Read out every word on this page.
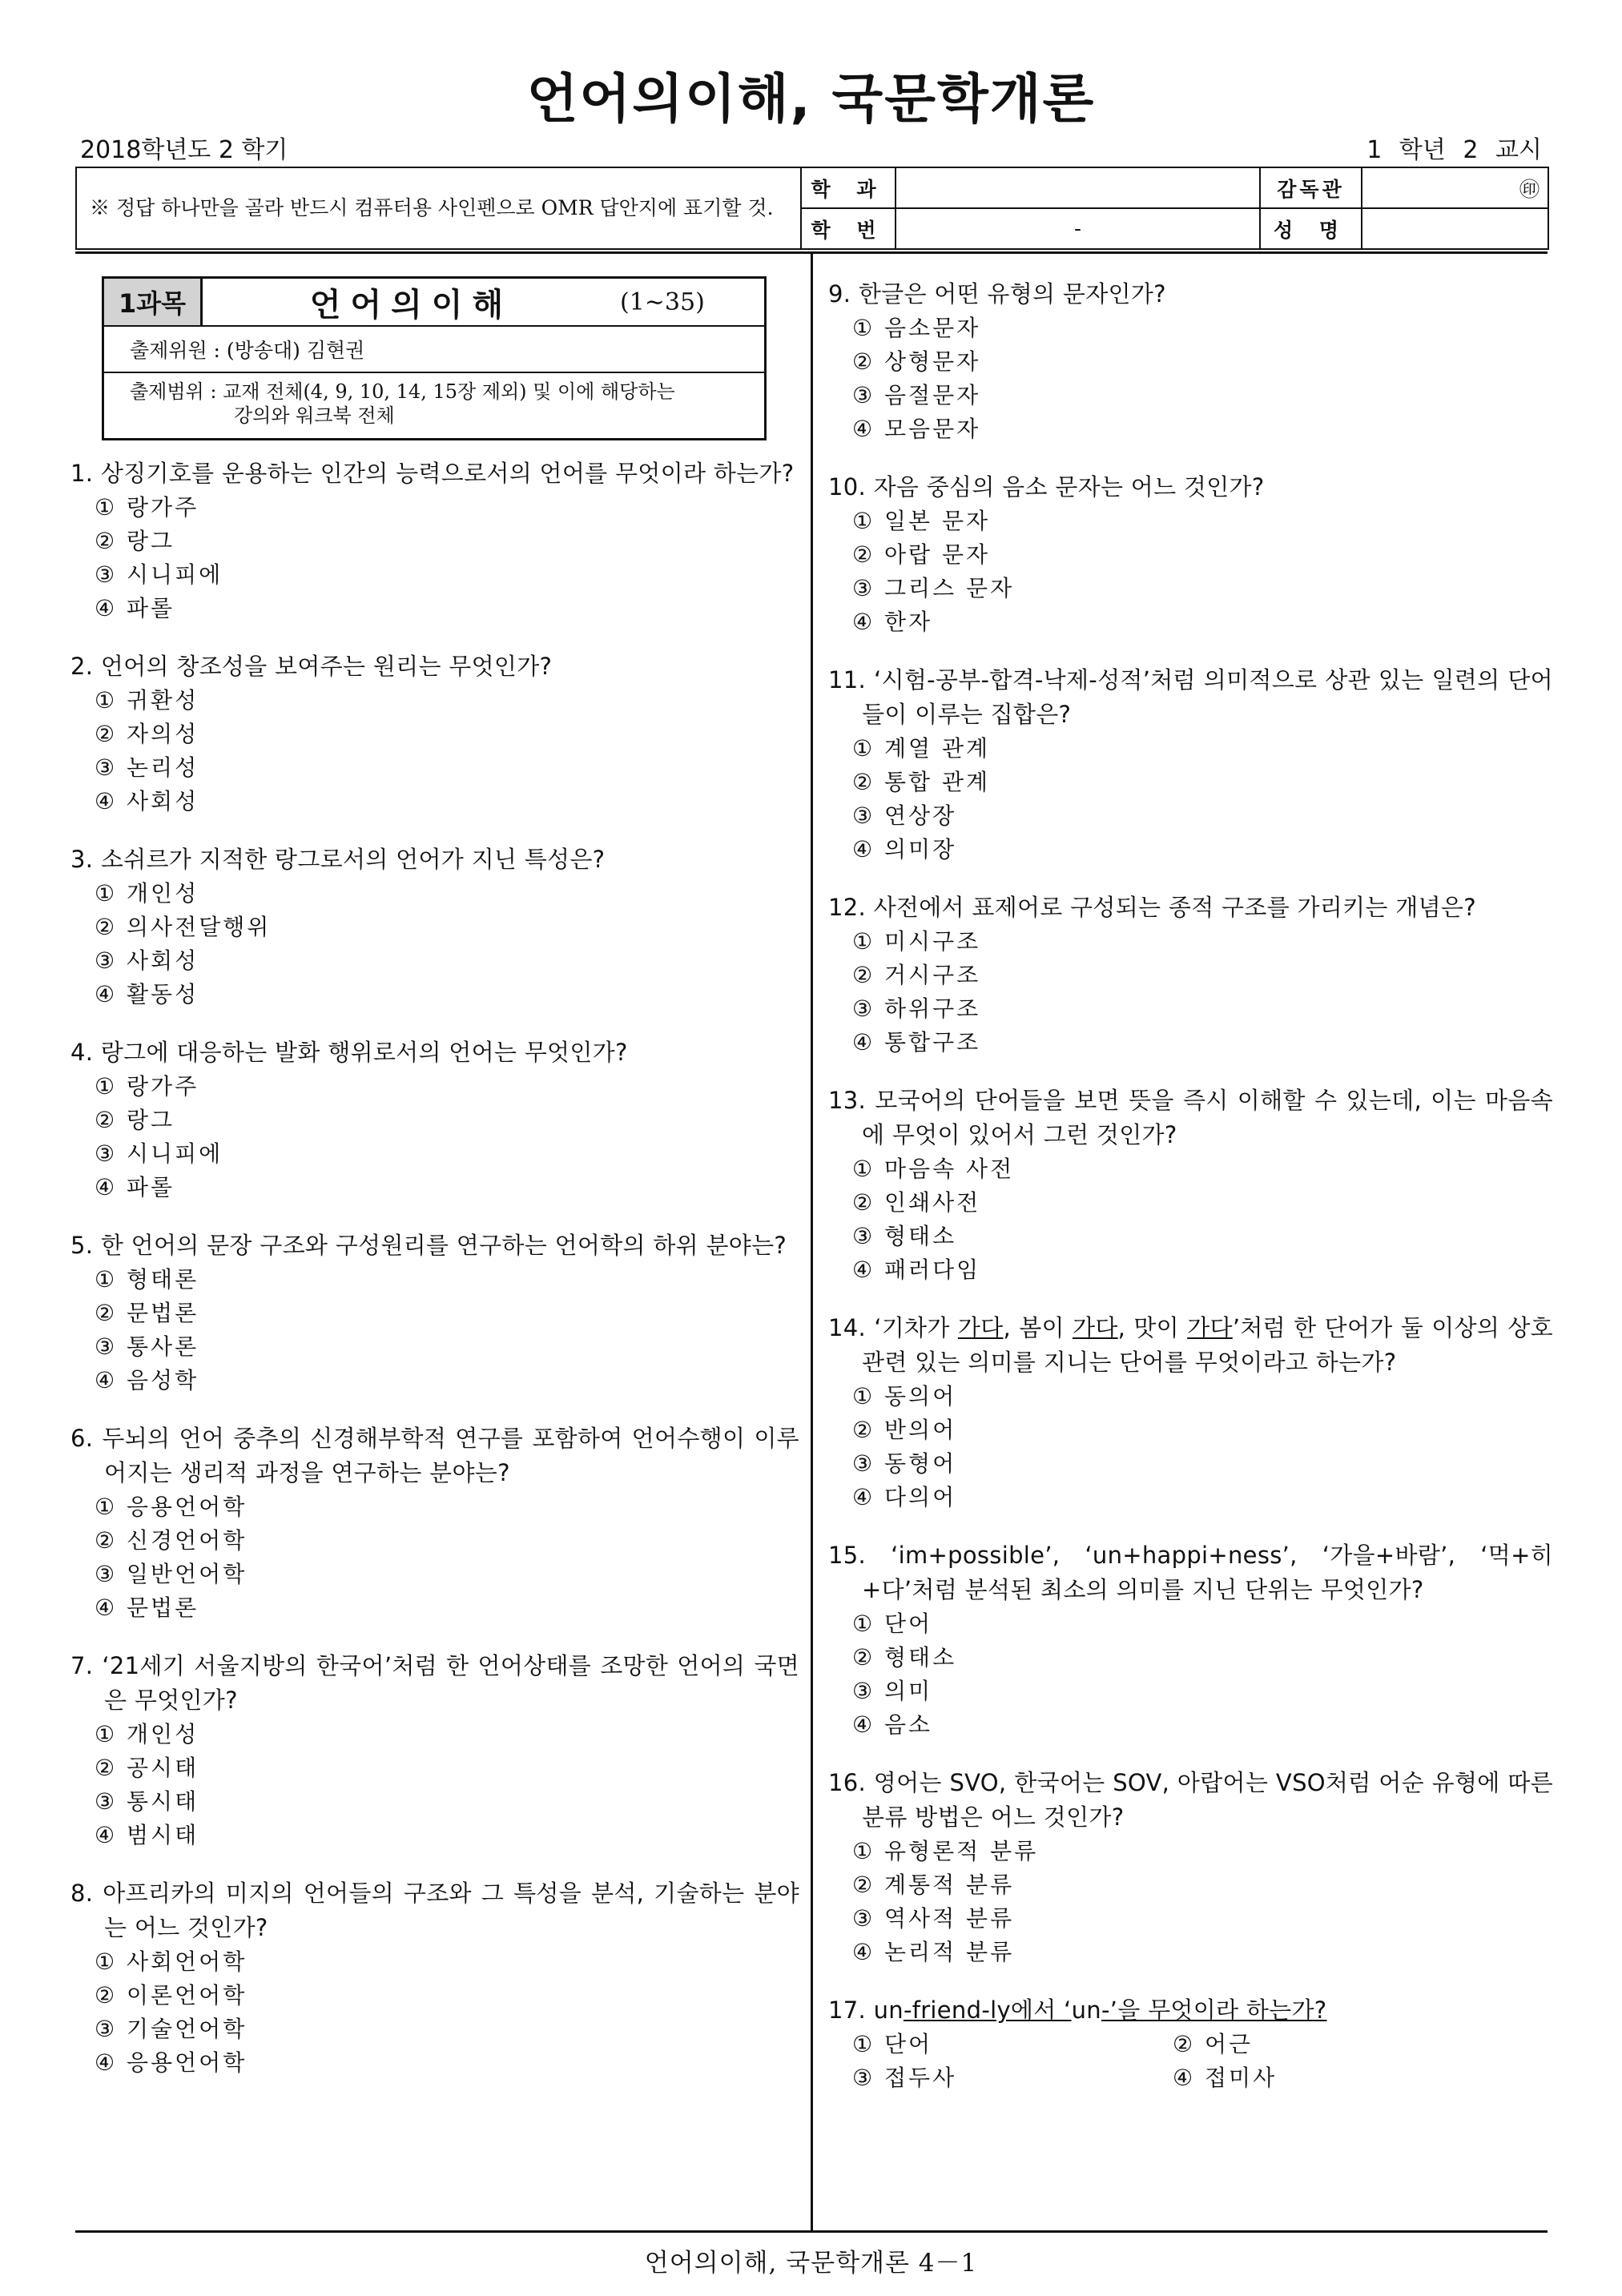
언어의이해, 국문학개론
2018학년도 2 학기	1 학년 2 교시
※ 정답 하나만을 골라 반드시 컴퓨터용 사인펜으로 OMR 답안지에 표기할 것.	학 과		감독관	㊞
	학 번	-	성 명	
1과목	언어의이해	(1∼35)
출제위원 : (방송대) 김현권
출제범위 : 교재 전체(4, 9, 10, 14, 15장 제외) 및 이에 해당하는
강의와 워크북 전체
1. 상징기호를 운용하는 인간의 능력으로서의 언어를 무엇이라 하는가?
① 랑가주
② 랑그
③ 시니피에
④ 파롤
2. 언어의 창조성을 보여주는 원리는 무엇인가?
① 귀환성
② 자의성
③ 논리성
④ 사회성
3. 소쉬르가 지적한 랑그로서의 언어가 지닌 특성은?
① 개인성
② 의사전달행위
③ 사회성
④ 활동성
4. 랑그에 대응하는 발화 행위로서의 언어는 무엇인가?
① 랑가주
② 랑그
③ 시니피에
④ 파롤
5. 한 언어의 문장 구조와 구성원리를 연구하는 언어학의 하위 분야는?
① 형태론
② 문법론
③ 통사론
④ 음성학
6. 두뇌의 언어 중추의 신경해부학적 연구를 포함하여 언어수행이 이루어지는 생리적 과정을 연구하는 분야는?
① 응용언어학
② 신경언어학
③ 일반언어학
④ 문법론
7. ‘21세기 서울지방의 한국어’처럼 한 언어상태를 조망한 언어의 국면은 무엇인가?
① 개인성
② 공시태
③ 통시태
④ 범시태
8. 아프리카의 미지의 언어들의 구조와 그 특성을 분석, 기술하는 분야는 어느 것인가?
① 사회언어학
② 이론언어학
③ 기술언어학
④ 응용언어학
9. 한글은 어떤 유형의 문자인가?
① 음소문자
② 상형문자
③ 음절문자
④ 모음문자
10. 자음 중심의 음소 문자는 어느 것인가?
① 일본 문자
② 아랍 문자
③ 그리스 문자
④ 한자
11. ‘시험-공부-합격-낙제-성적’처럼 의미적으로 상관 있는 일련의 단어들이 이루는 집합은?
① 계열 관계
② 통합 관계
③ 연상장
④ 의미장
12. 사전에서 표제어로 구성되는 종적 구조를 가리키는 개념은?
① 미시구조
② 거시구조
③ 하위구조
④ 통합구조
13. 모국어의 단어들을 보면 뜻을 즉시 이해할 수 있는데, 이는 마음속에 무엇이 있어서 그런 것인가?
① 마음속 사전
② 인쇄사전
③ 형태소
④ 패러다임
14. ‘기차가 가다, 봄이 가다, 맛이 가다’처럼 한 단어가 둘 이상의 상호 관련 있는 의미를 지니는 단어를 무엇이라고 하는가?
① 동의어
② 반의어
③ 동형어
④ 다의어
15. ‘im+possible’, ‘un+happi+ness’, ‘가을+바람’, ‘먹+히+다’처럼 분석된 최소의 의미를 지닌 단위는 무엇인가?
① 단어
② 형태소
③ 의미
④ 음소
16. 영어는 SVO, 한국어는 SOV, 아랍어는 VSO처럼 어순 유형에 따른 분류 방법은 어느 것인가?
① 유형론적 분류
② 계통적 분류
③ 역사적 분류
④ 논리적 분류
17. un-friend-ly에서 ‘un-’을 무엇이라 하는가?
① 단어	② 어근
③ 접두사	④ 접미사
언어의이해, 국문학개론 4－1
